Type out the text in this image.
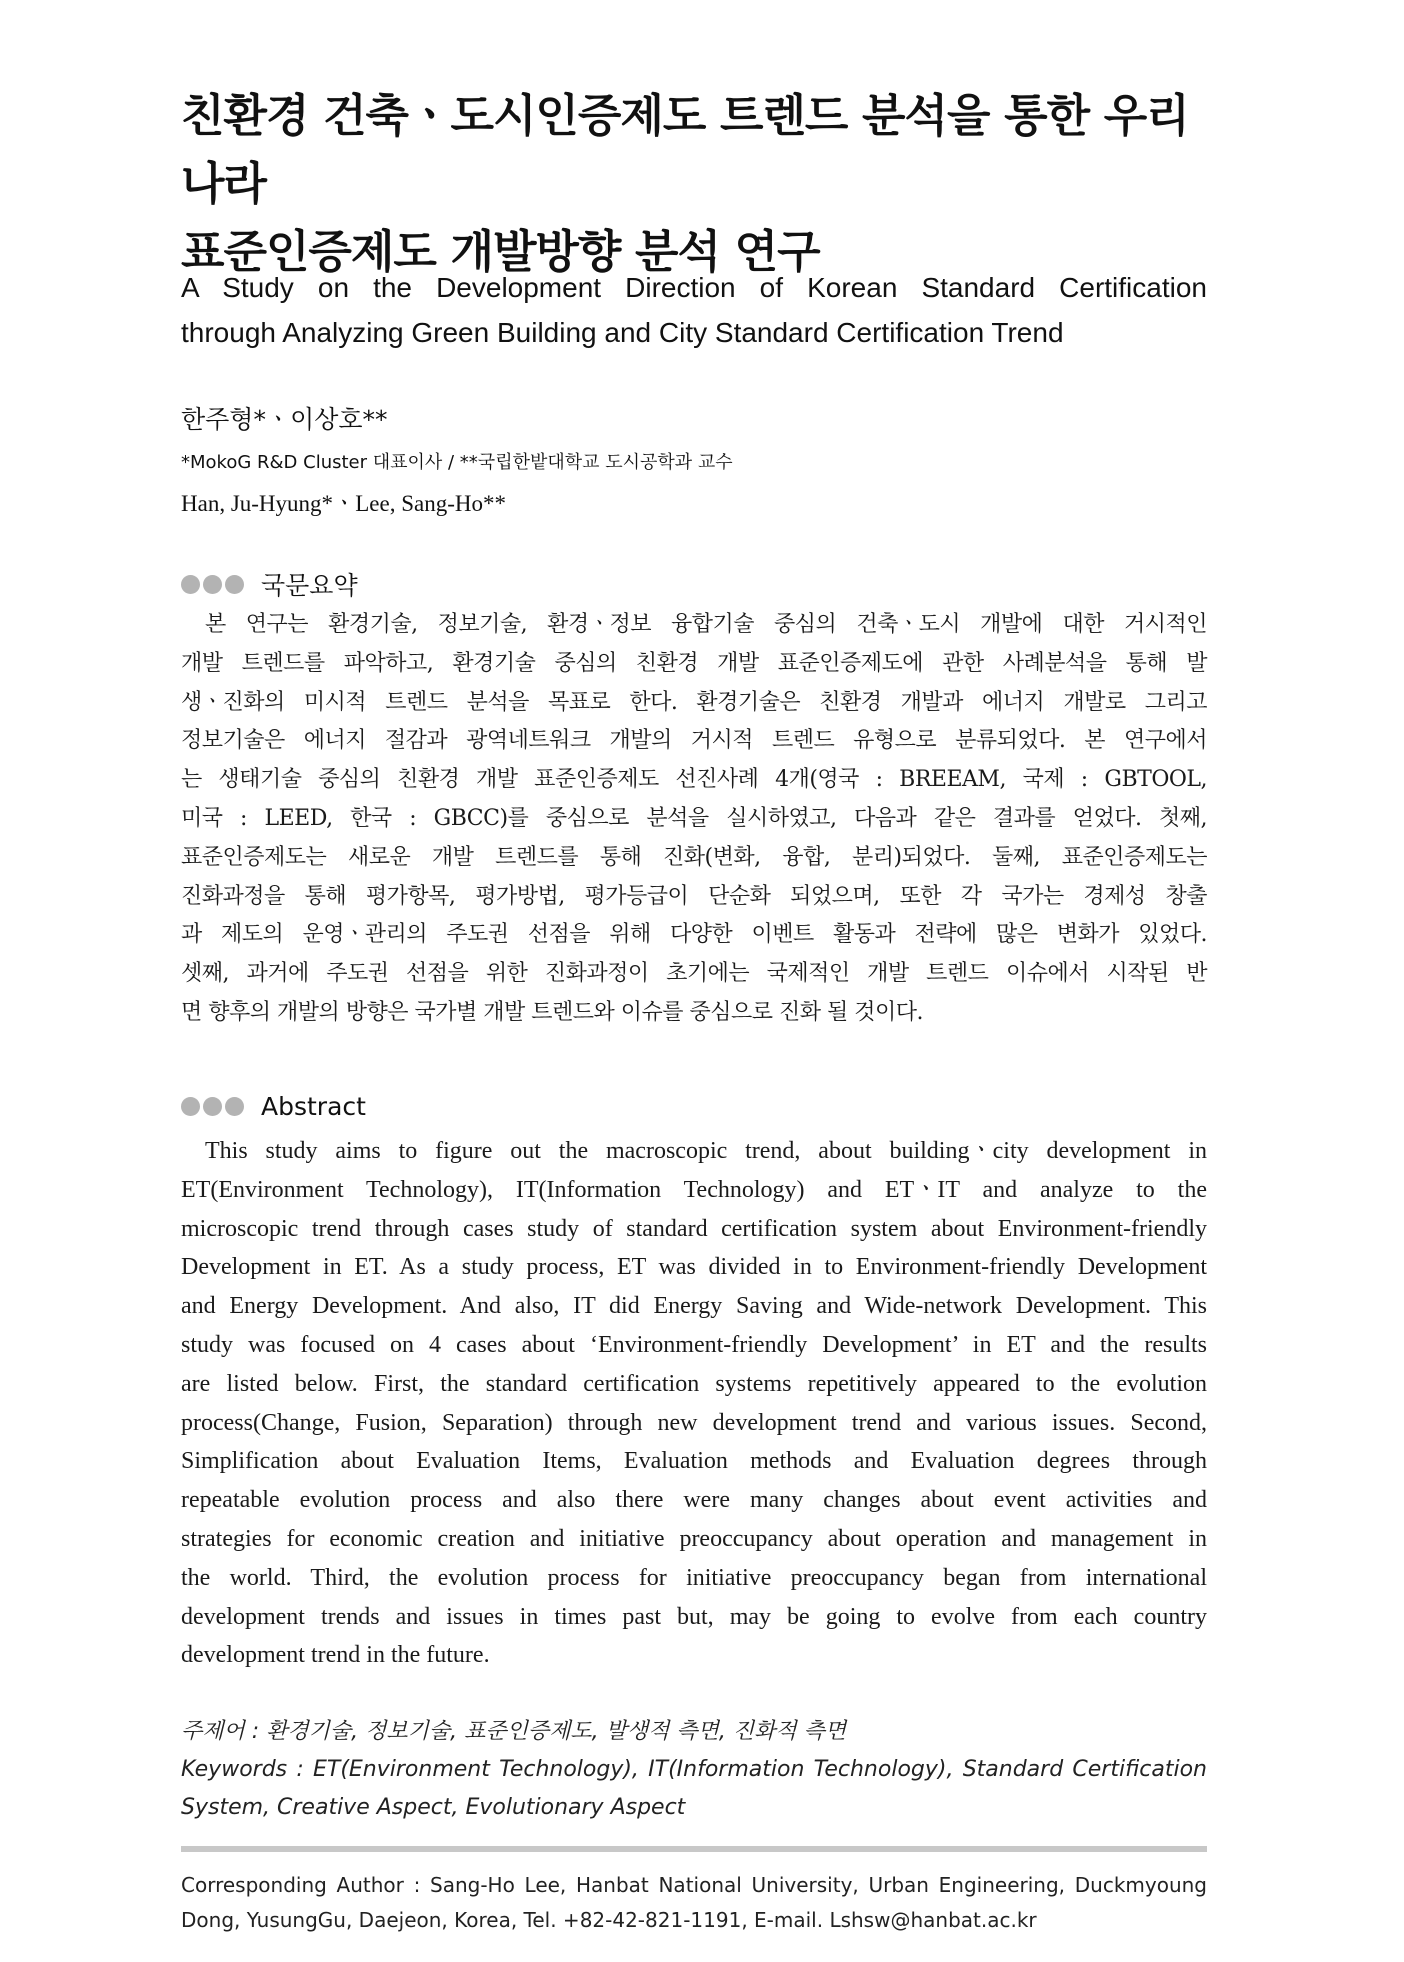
친환경 건축ㆍ도시인증제도 트렌드 분석을 통한 우리나라
표준인증제도 개발방향 분석 연구
A Study on the Development Direction of Korean Standard Certification
through Analyzing Green Building and City Standard Certification Trend
한주형*ㆍ이상호**
*MokoG R&D Cluster 대표이사 / **국립한밭대학교 도시공학과 교수
Han, Ju-Hyung*ㆍLee, Sang-Ho**
국문요약
본 연구는 환경기술, 정보기술, 환경ㆍ정보 융합기술 중심의 건축ㆍ도시 개발에 대한 거시적인
개발 트렌드를 파악하고, 환경기술 중심의 친환경 개발 표준인증제도에 관한 사례분석을 통해 발
생ㆍ진화의 미시적 트렌드 분석을 목표로 한다. 환경기술은 친환경 개발과 에너지 개발로 그리고
정보기술은 에너지 절감과 광역네트워크 개발의 거시적 트렌드 유형으로 분류되었다. 본 연구에서
는 생태기술 중심의 친환경 개발 표준인증제도 선진사례 4개(영국 : BREEAM, 국제 : GBTOOL,
미국 : LEED, 한국 : GBCC)를 중심으로 분석을 실시하였고, 다음과 같은 결과를 얻었다. 첫째,
표준인증제도는 새로운 개발 트렌드를 통해 진화(변화, 융합, 분리)되었다. 둘째, 표준인증제도는
진화과정을 통해 평가항목, 평가방법, 평가등급이 단순화 되었으며, 또한 각 국가는 경제성 창출
과 제도의 운영ㆍ관리의 주도권 선점을 위해 다양한 이벤트 활동과 전략에 많은 변화가 있었다.
셋째, 과거에 주도권 선점을 위한 진화과정이 초기에는 국제적인 개발 트렌드 이슈에서 시작된 반
면 향후의 개발의 방향은 국가별 개발 트렌드와 이슈를 중심으로 진화 될 것이다.
Abstract
This study aims to figure out the macroscopic trend, about buildingㆍcity development in
ET(Environment Technology), IT(Information Technology) and ETㆍIT and analyze to the
microscopic trend through cases study of standard certification system about Environment-friendly
Development in ET. As a study process, ET was divided in to Environment-friendly Development
and Energy Development. And also, IT did Energy Saving and Wide-network Development. This
study was focused on 4 cases about ‘Environment-friendly Development’ in ET and the results
are listed below. First, the standard certification systems repetitively appeared to the evolution
process(Change, Fusion, Separation) through new development trend and various issues. Second,
Simplification about Evaluation Items, Evaluation methods and Evaluation degrees through
repeatable evolution process and also there were many changes about event activities and
strategies for economic creation and initiative preoccupancy about operation and management in
the world. Third, the evolution process for initiative preoccupancy began from international
development trends and issues in times past but, may be going to evolve from each country
development trend in the future.
주제어 : 환경기술, 정보기술, 표준인증제도, 발생적 측면, 진화적 측면
Keywords : ET(Environment Technology), IT(Information Technology), Standard Certification
System, Creative Aspect, Evolutionary Aspect
Corresponding Author : Sang-Ho Lee, Hanbat National University, Urban Engineering, Duckmyoung
Dong, YusungGu, Daejeon, Korea, Tel. +82-42-821-1191, E-mail. Lshsw@hanbat.ac.kr
